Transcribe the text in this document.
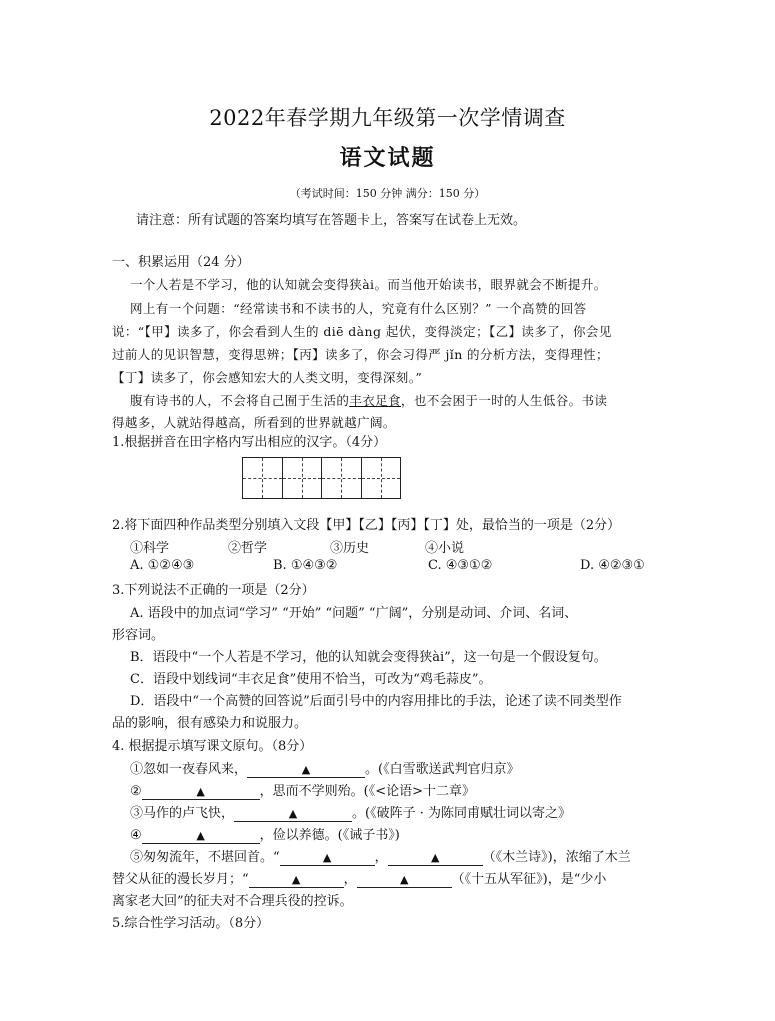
2022年春学期九年级第一次学情调查
语文试题
（考试时间：150 分钟 满分：150 分）
请注意：所有试题的答案均填写在答题卡上，答案写在试卷上无效。
一、积累运用（24 分）
一个人若是不学习，他的认知就会变得狭ài。而当他开始读书，眼界就会不断提升。
网上有一个问题：“经常读书和不读书的人，究竟有什么区别？” 一个高赞的回答
说：“【甲】读多了，你会看到人生的 diē dàng 起伏，变得淡定；【乙】读多了，你会见
过前人的见识智慧，变得思辨；【丙】读多了，你会习得严 jǐn 的分析方法，变得理性；
【丁】读多了，你会感知宏大的人类文明，变得深刻。”
腹有诗书的人，不会将自己囿于生活的丰衣足食，也不会困于一时的人生低谷。书读
得越多，人就站得越高，所看到的世界就越广阔。
1.根据拼音在田字格内写出相应的汉字。（4分）
2.将下面四种作品类型分别填入文段【甲】【乙】【丙】【丁】处，最恰当的一项是（2分）
①科学	②哲学	③历史	④小说
A. ①②④③	B. ①④③②	C. ④③①②	D. ④②③①
3.下列说法不正确的一项是（2分）
A. 语段中的加点词“学习” “开始” “问题” “广阔”，分别是动词、介词、名词、
形容词。
B．语段中“一个人若是不学习，他的认知就会变得狭ài”，这一句是一个假设复句。
C．语段中划线词“丰衣足食”使用不恰当，可改为“鸡毛蒜皮”。
D．语段中“一个高赞的回答说”后面引号中的内容用排比的手法，论述了读不同类型作
品的影响，很有感染力和说服力。
4. 根据提示填写课文原句。（8分）
①忽如一夜春风来，	▲	。(《白雪歌送武判官归京》
②	▲	，思而不学则殆。(《<论语>十二章》
③马作的卢飞快，	▲	。(《破阵子 · 为陈同甫赋壮词以寄之》
④	▲	，俭以养德。(《诫子书》)
⑤匆匆流年，不堪回首。“	▲	，	▲	（《木兰诗》)，浓缩了木兰
替父从征的漫长岁月；“	▲	，	▲	（《十五从军征》)，是“少小
离家老大回”的征夫对不合理兵役的控诉。
5.综合性学习活动。（8分）
